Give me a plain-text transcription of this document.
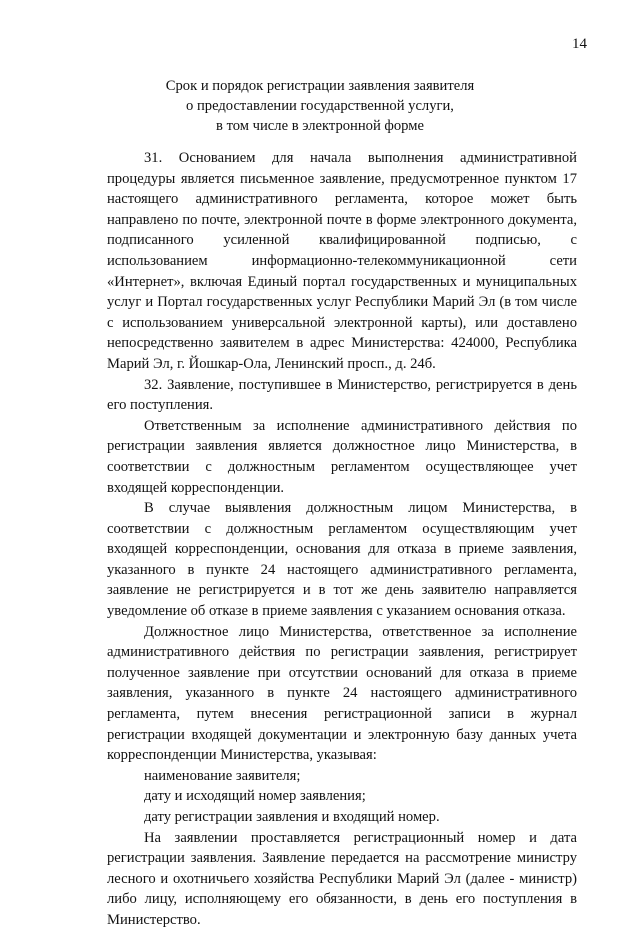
14
Срок и порядок регистрации заявления заявителя
о предоставлении государственной услуги,
в том числе в электронной форме

31. Основанием для начала выполнения административной процедуры является письменное заявление, предусмотренное пунктом 17 настоящего административного регламента, которое может быть направлено по почте, электронной почте в форме электронного документа, подписанного усиленной квалифицированной подписью, с использованием информационно-телекоммуникационной сети «Интернет», включая Единый портал государственных и муниципальных услуг и Портал государственных услуг Республики Марий Эл (в том числе с использованием универсальной электронной карты), или доставлено непосредственно заявителем в адрес Министерства: 424000, Республика Марий Эл, г. Йошкар-Ола, Ленинский просп., д. 24б.

32. Заявление, поступившее в Министерство, регистрируется в день его поступления.

Ответственным за исполнение административного действия по регистрации заявления является должностное лицо Министерства, в соответствии с должностным регламентом осуществляющее учет входящей корреспонденции.

В случае выявления должностным лицом Министерства, в соответствии с должностным регламентом осуществляющим учет входящей корреспонденции, основания для отказа в приеме заявления, указанного в пункте 24 настоящего административного регламента, заявление не регистрируется и в тот же день заявителю направляется уведомление об отказе в приеме заявления с указанием основания отказа.

Должностное лицо Министерства, ответственное за исполнение административного действия по регистрации заявления, регистрирует полученное заявление при отсутствии оснований для отказа в приеме заявления, указанного в пункте 24 настоящего административного регламента, путем внесения регистрационной записи в журнал регистрации входящей документации и электронную базу данных учета корреспонденции Министерства, указывая:

наименование заявителя;

дату и исходящий номер заявления;

дату регистрации заявления и входящий номер.

На заявлении проставляется регистрационный номер и дата регистрации заявления. Заявление передается на рассмотрение министру лесного и охотничьего хозяйства Республики Марий Эл (далее - министр) либо лицу, исполняющему его обязанности, в день его поступления в Министерство.
